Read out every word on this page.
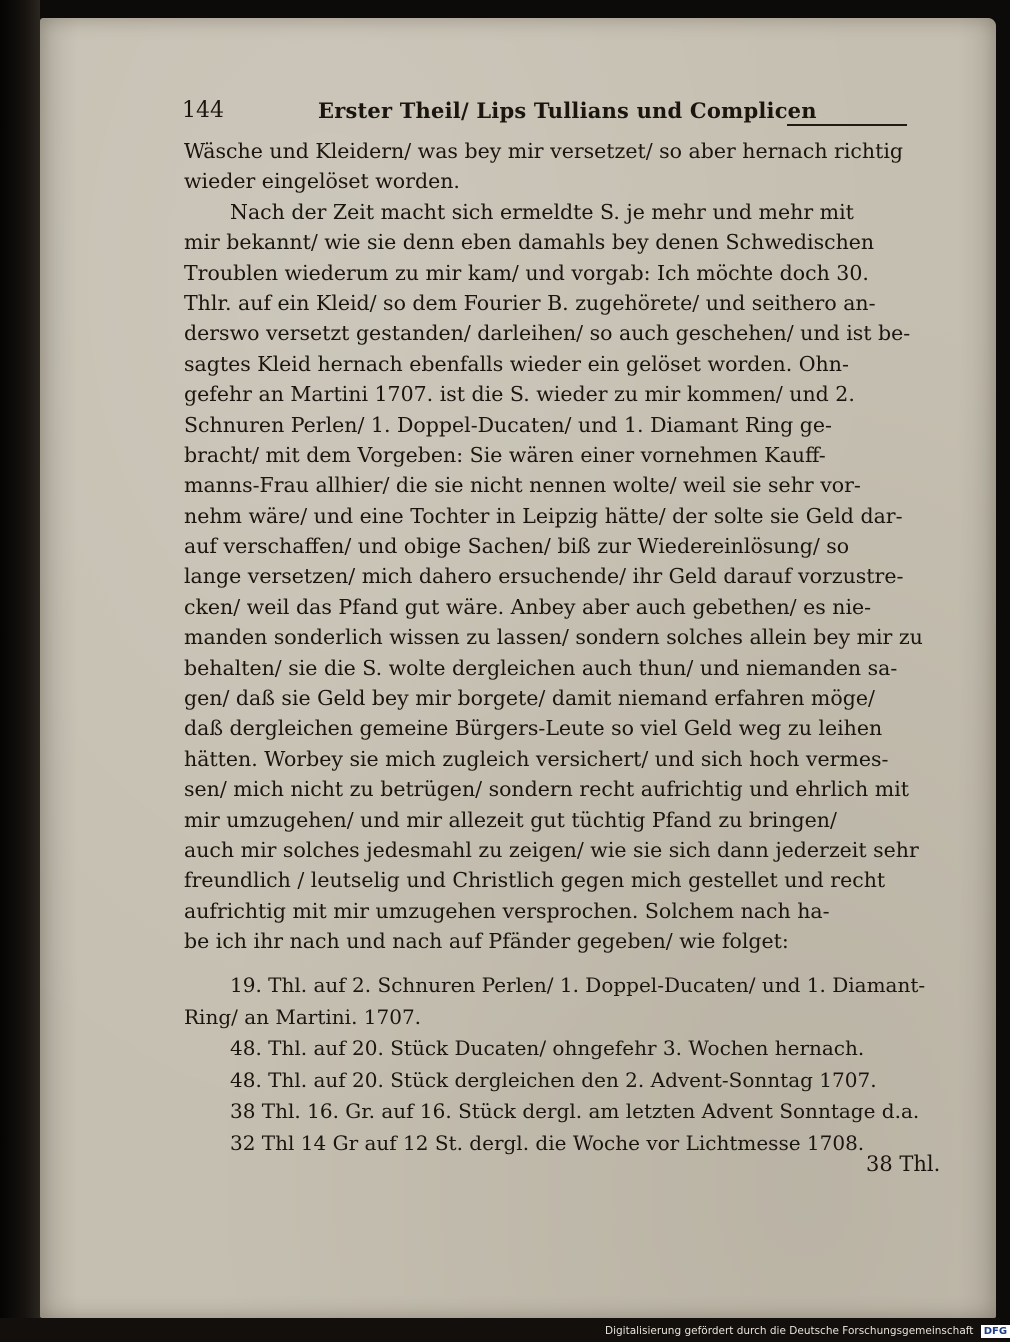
144	Erster Theil/ Lips Tullians und Complicen

Wäsche und Kleidern/ was bey mir versetzet/ so aber hernach richtig
wieder eingelöset worden.
Nach der Zeit macht sich ermeldte S. je mehr und mehr mit
mir bekannt/ wie sie denn eben damahls bey denen Schwedischen
Troublen wiederum zu mir kam/ und vorgab: Ich möchte doch 30.
Thlr. auf ein Kleid/ so dem Fourier B. zugehörete/ und seithero an-
derswo versetzt gestanden/ darleihen/ so auch geschehen/ und ist be-
sagtes Kleid hernach ebenfalls wieder ein gelöset worden. Ohn-
gefehr an Martini 1707. ist die S. wieder zu mir kommen/ und 2.
Schnuren Perlen/ 1. Doppel-Ducaten/ und 1. Diamant Ring ge-
bracht/ mit dem Vorgeben: Sie wären einer vornehmen Kauff-
manns-Frau allhier/ die sie nicht nennen wolte/ weil sie sehr vor-
nehm wäre/ und eine Tochter in Leipzig hätte/ der solte sie Geld dar-
auf verschaffen/ und obige Sachen/ biß zur Wiedereinlösung/ so
lange versetzen/ mich dahero ersuchende/ ihr Geld darauf vorzustre-
cken/ weil das Pfand gut wäre. Anbey aber auch gebethen/ es nie-
manden sonderlich wissen zu lassen/ sondern solches allein bey mir zu
behalten/ sie die S. wolte dergleichen auch thun/ und niemanden sa-
gen/ daß sie Geld bey mir borgete/ damit niemand erfahren möge/
daß dergleichen gemeine Bürgers-Leute so viel Geld weg zu leihen
hätten. Worbey sie mich zugleich versichert/ und sich hoch vermes-
sen/ mich nicht zu betrügen/ sondern recht aufrichtig und ehrlich mit
mir umzugehen/ und mir allezeit gut tüchtig Pfand zu bringen/
auch mir solches jedesmahl zu zeigen/ wie sie sich dann jederzeit sehr
freundlich / leutselig und Christlich gegen mich gestellet und recht
aufrichtig mit mir umzugehen versprochen. Solchem nach ha-
be ich ihr nach und nach auf Pfänder gegeben/ wie folget:
19. Thl. auf 2. Schnuren Perlen/ 1. Doppel-Ducaten/ und 1. Diamant-
Ring/ an Martini. 1707.
48. Thl. auf 20. Stück Ducaten/ ohngefehr 3. Wochen hernach.
48. Thl. auf 20. Stück dergleichen den 2. Advent-Sonntag 1707.
38 Thl. 16. Gr. auf 16. Stück dergl. am letzten Advent Sonntage d.a.
32 Thl 14 Gr auf 12 St. dergl. die Woche vor Lichtmesse 1708.

38 Thl.

Digitalisierung gefördert durch die Deutsche Forschungsgemeinschaft DFG
